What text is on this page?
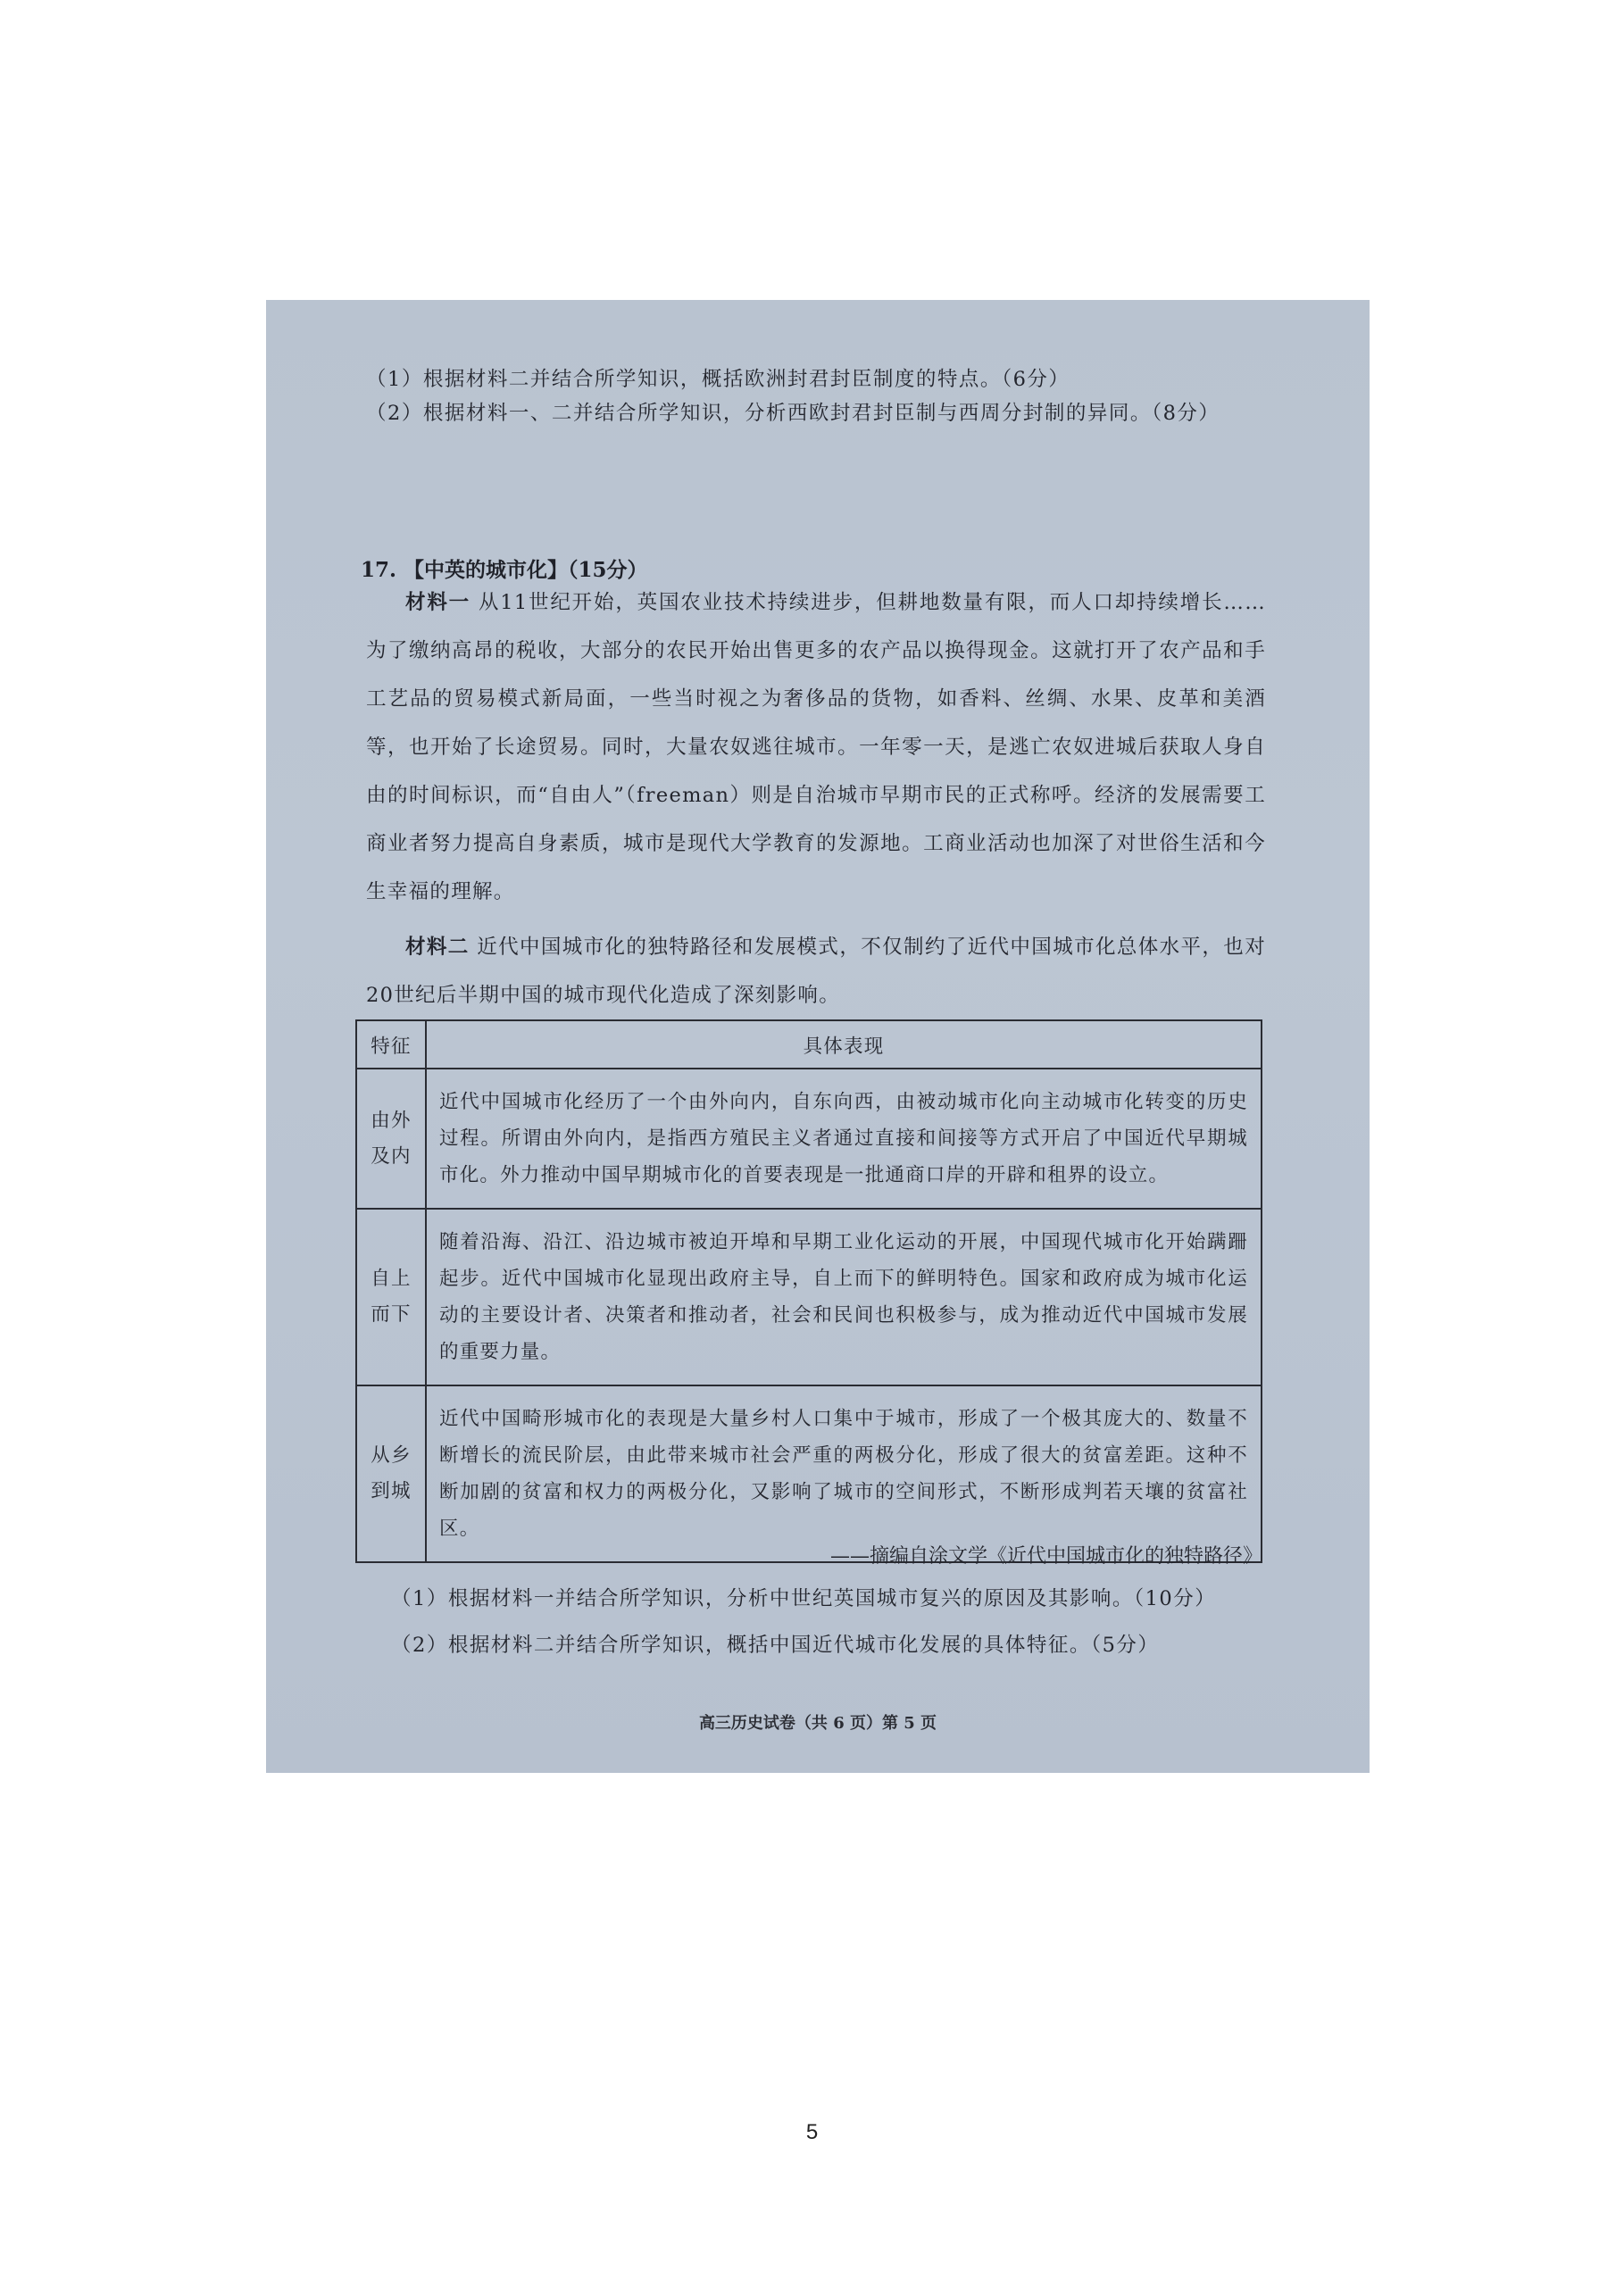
（1）根据材料二并结合所学知识，概括欧洲封君封臣制度的特点。（6分）
（2）根据材料一、二并结合所学知识，分析西欧封君封臣制与西周分封制的异同。（8分）
17. 【中英的城市化】（15分）
材料一 从11世纪开始，英国农业技术持续进步，但耕地数量有限，而人口却持续增长……为了缴纳高昂的税收，大部分的农民开始出售更多的农产品以换得现金。这就打开了农产品和手工艺品的贸易模式新局面，一些当时视之为奢侈品的货物，如香料、丝绸、水果、皮革和美酒等，也开始了长途贸易。同时，大量农奴逃往城市。一年零一天，是逃亡农奴进城后获取人身自由的时间标识，而“自由人”（freeman）则是自治城市早期市民的正式称呼。经济的发展需要工商业者努力提高自身素质，城市是现代大学教育的发源地。工商业活动也加深了对世俗生活和今生幸福的理解。
材料二 近代中国城市化的独特路径和发展模式，不仅制约了近代中国城市化总体水平，也对20世纪后半期中国的城市现代化造成了深刻影响。
特征	具体表现

由外
及内	近代中国城市化经历了一个由外向内，自东向西，由被动城市化向主动城市化转变的历史过程。所谓由外向内，是指西方殖民主义者通过直接和间接等方式开启了中国近代早期城市化。外力推动中国早期城市化的首要表现是一批通商口岸的开辟和租界的设立。

自上
而下	随着沿海、沿江、沿边城市被迫开埠和早期工业化运动的开展，中国现代城市化开始蹒跚起步。近代中国城市化显现出政府主导，自上而下的鲜明特色。国家和政府成为城市化运动的主要设计者、决策者和推动者，社会和民间也积极参与，成为推动近代中国城市发展的重要力量。

从乡
到城	近代中国畸形城市化的表现是大量乡村人口集中于城市，形成了一个极其庞大的、数量不断增长的流民阶层，由此带来城市社会严重的两极分化，形成了很大的贫富差距。这种不断加剧的贫富和权力的两极分化，又影响了城市的空间形式，不断形成判若天壤的贫富社区。
——摘编自涂文学《近代中国城市化的独特路径》
（1）根据材料一并结合所学知识，分析中世纪英国城市复兴的原因及其影响。（10分）
（2）根据材料二并结合所学知识，概括中国近代城市化发展的具体特征。（5分）
高三历史试卷（共 6 页）第 5 页
5
